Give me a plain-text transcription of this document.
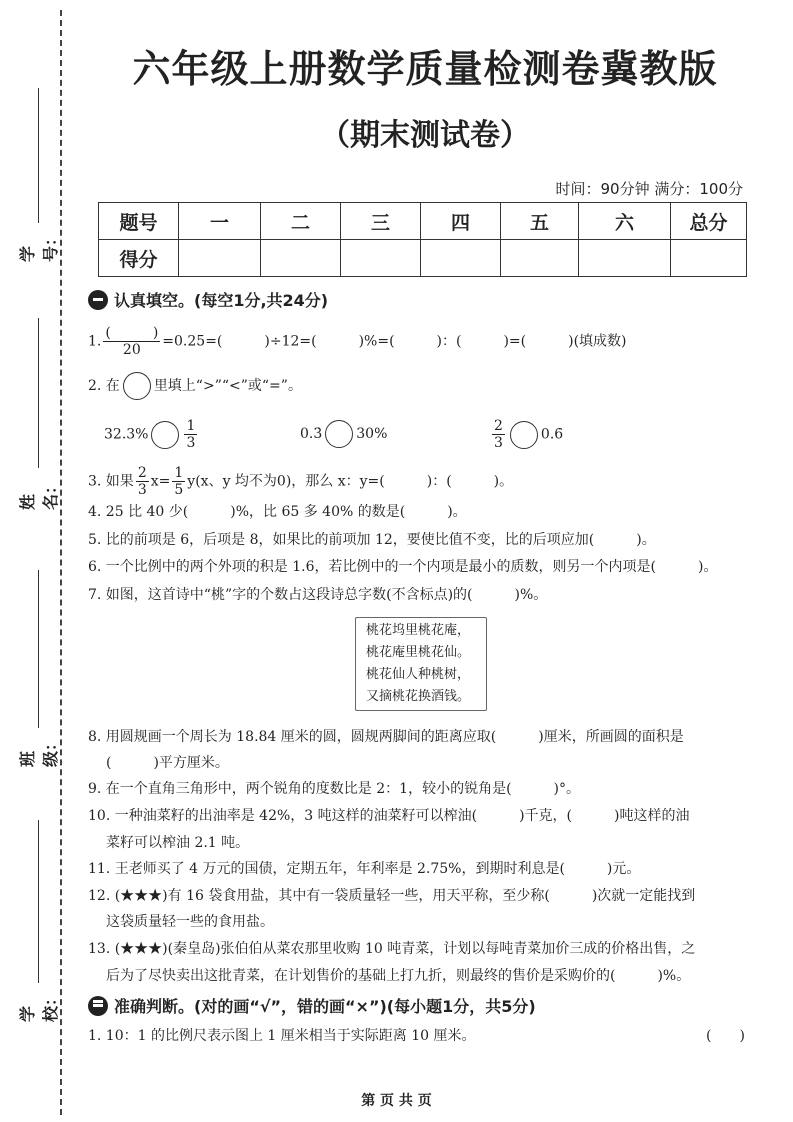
学号：
姓名：
班级：
学校：
六年级上册数学质量检测卷冀教版
（期末测试卷）
时间：90分钟 满分：100分
题号	一	二	三	四	五	六	总分
得分							
认真填空。(每空1分,共24分)
1. $\frac{( )}{20} =0.25=$(　　　)÷12=(　　　)%=(　　　)：(　　　)=(　　　)(填成数)
2. 在 里填上“>”“<”或“=”。
32.3%	$\frac{1}{3}$	0.3̇ 30%	$\frac{2}{3}$	0.6̇
3. 如果 $\frac{2}{3} x= \frac{1}{5} y(x$、y 均不为0)，那么 x：y=(　　　)：(　　　)。
4. 25 比 40 少(　　　)%，比 65 多 40% 的数是(　　　)。
5. 比的前项是 6，后项是 8，如果比的前项加 12，要使比值不变，比的后项应加(　　　)。
6. 一个比例中的两个外项的积是 1.6，若比例中的一个内项是最小的质数，则另一个内项是(　　　)。
7. 如图，这首诗中“桃”字的个数占这段诗总字数(不含标点)的(　　　)%。
桃花坞里桃花庵，
桃花庵里桃花仙。
桃花仙人种桃树，
又摘桃花换酒钱。
8. 用圆规画一个周长为 18.84 厘米的圆，圆规两脚间的距离应取(　　　)厘米，所画圆的面积是
(　　　)平方厘米。
9. 在一个直角三角形中，两个锐角的度数比是 2：1，较小的锐角是(　　　)°。
10. 一种油菜籽的出油率是 42%，3 吨这样的油菜籽可以榨油(　　　)千克，(　　　)吨这样的油
菜籽可以榨油 2.1 吨。
11. 王老师买了 4 万元的国债，定期五年，年利率是 2.75%，到期时利息是(　　　)元。
12. (★★★)有 16 袋食用盐，其中有一袋质量轻一些，用天平称，至少称(　　　)次就一定能找到
这袋质量轻一些的食用盐。
13. (★★★)(秦皇岛)张伯伯从菜农那里收购 10 吨青菜，计划以每吨青菜加价三成的价格出售，之
后为了尽快卖出这批青菜，在计划售价的基础上打九折，则最终的售价是采购价的(　　　)%。
准确判断。(对的画“√”，错的画“×”)(每小题1分，共5分)
1. 10：1 的比例尺表示图上 1 厘米相当于实际距离 10 厘米。	(　　)
第 页 共 页
